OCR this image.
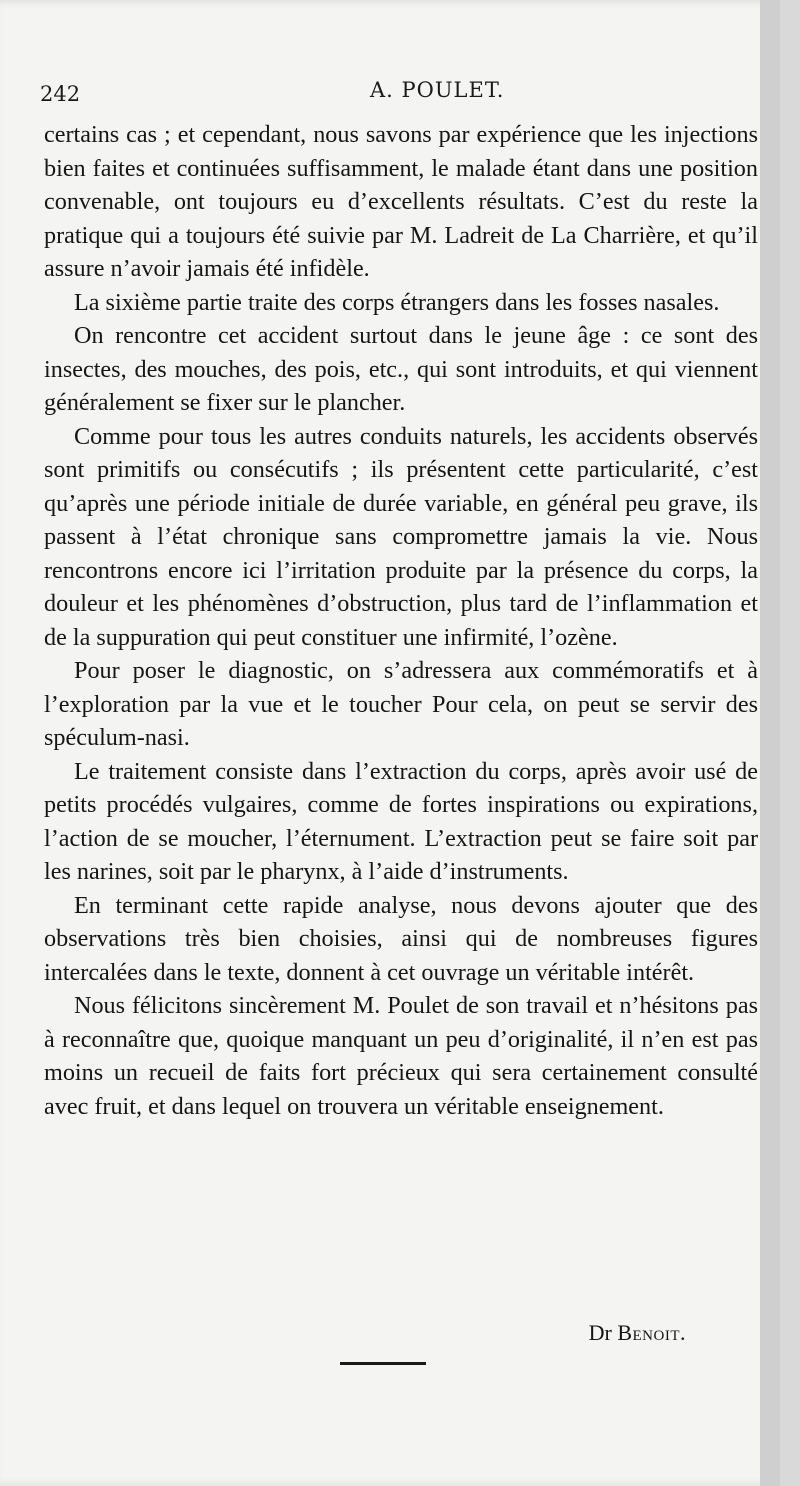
242	A. POULET.

certains cas ; et cependant, nous savons par expérience que les injections bien faites et continuées suffisamment, le malade étant dans une position convenable, ont toujours eu d’excellents résultats. C’est du reste la pratique qui a toujours été suivie par M. Ladreit de La Charrière, et qu’il assure n’avoir jamais été infidèle.

La sixième partie traite des corps étrangers dans les fosses nasales.

On rencontre cet accident surtout dans le jeune âge : ce sont des insectes, des mouches, des pois, etc., qui sont introduits, et qui viennent généralement se fixer sur le plancher.

Comme pour tous les autres conduits naturels, les accidents observés sont primitifs ou consécutifs ; ils présentent cette particularité, c’est qu’après une période initiale de durée variable, en général peu grave, ils passent à l’état chronique sans compromettre jamais la vie. Nous rencontrons encore ici l’irritation produite par la présence du corps, la douleur et les phénomènes d’obstruction, plus tard de l’inflammation et de la suppuration qui peut constituer une infirmité, l’ozène.

Pour poser le diagnostic, on s’adressera aux commémoratifs et à l’exploration par la vue et le toucher Pour cela, on peut se servir des spéculum-nasi.

Le traitement consiste dans l’extraction du corps, après avoir usé de petits procédés vulgaires, comme de fortes inspirations ou expirations, l’action de se moucher, l’éternument. L’extraction peut se faire soit par les narines, soit par le pharynx, à l’aide d’instruments.

En terminant cette rapide analyse, nous devons ajouter que des observations très bien choisies, ainsi qui de nombreuses figures intercalées dans le texte, donnent à cet ouvrage un véritable intérêt.

Nous félicitons sincèrement M. Poulet de son travail et n’hésitons pas à reconnaître que, quoique manquant un peu d’originalité, il n’en est pas moins un recueil de faits fort précieux qui sera certainement consulté avec fruit, et dans lequel on trouvera un véritable enseignement.

Dr Benoit.
